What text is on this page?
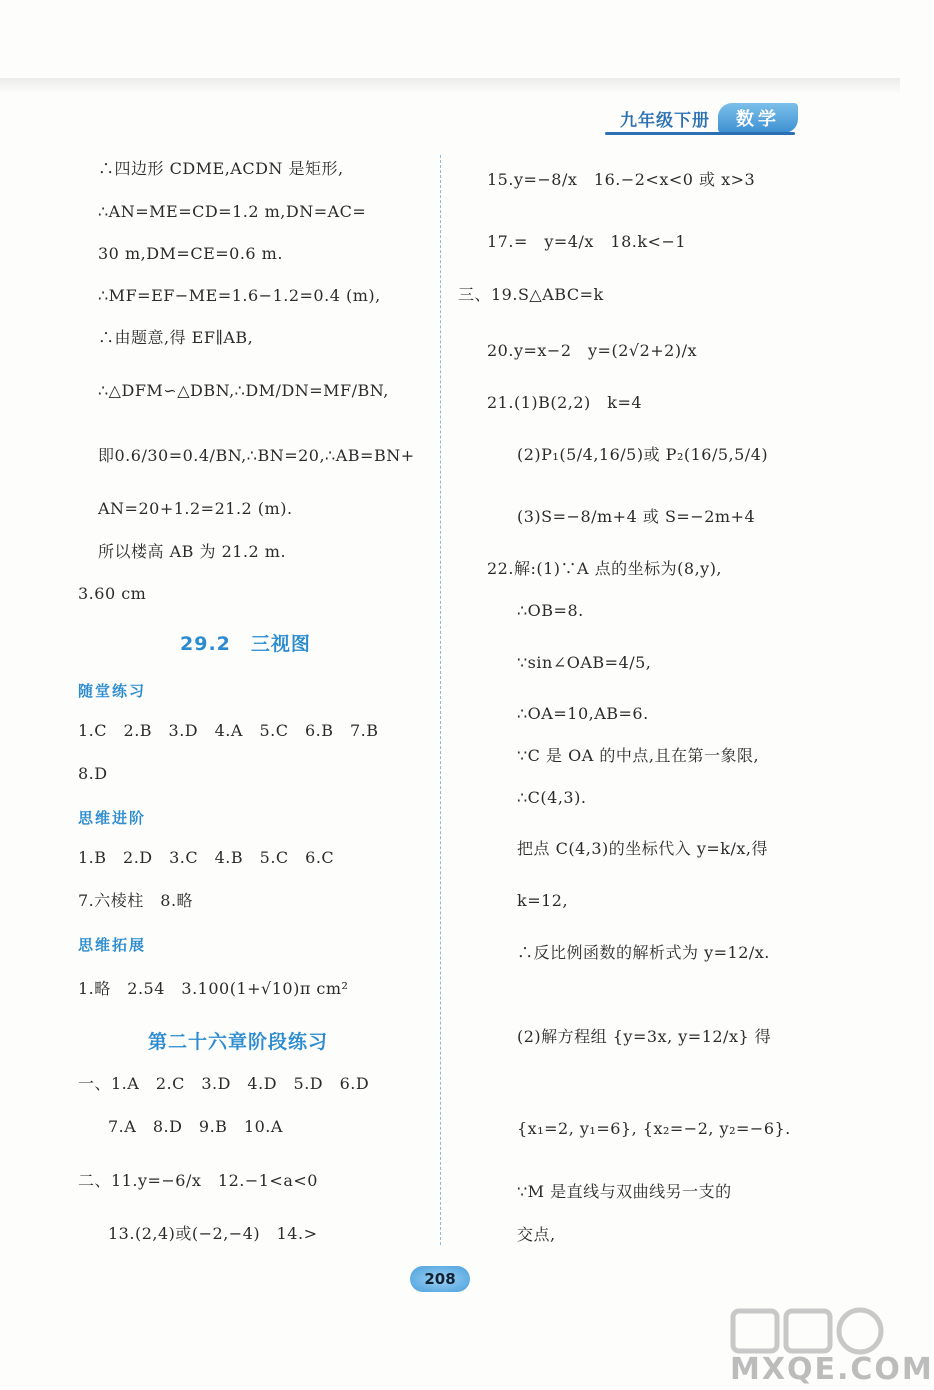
九年级下册	数学
∴四边形 CDME,ACDN 是矩形,
∴AN=ME=CD=1.2 m,DN=AC=
30 m,DM=CE=0.6 m.
∴MF=EF−ME=1.6−1.2=0.4 (m),
∴由题意,得 EF∥AB,
∴△DFM∽△DBN,∴DM/DN=MF/BN,
即0.6/30=0.4/BN,∴BN=20,∴AB=BN+
AN=20+1.2=21.2 (m).
所以楼高 AB 为 21.2 m.
3.60 cm
29.2　三视图
随堂练习
1.C　2.B　3.D　4.A　5.C　6.B　7.B
8.D
思维进阶
1.B　2.D　3.C　4.B　5.C　6.C
7.六棱柱　8.略
思维拓展
1.略　2.54　3.100(1+√10)π cm²
第二十六章阶段练习
一、1.A　2.C　3.D　4.D　5.D　6.D
7.A　8.D　9.B　10.A
二、11.y=−6/x　12.−1<a<0
13.(2,4)或(−2,−4)　14.>
15.y=−8/x　16.−2<x<0 或 x>3
17.=　y=4/x　18.k<−1
三、19.S△ABC=k
20.y=x−2　y=(2√2+2)/x
21.(1)B(2,2)　k=4
(2)P₁(5/4,16/5)或 P₂(16/5,5/4)
(3)S=−8/m+4 或 S=−2m+4
22.解:(1)∵A 点的坐标为(8,y),
∴OB=8.
∵sin∠OAB=4/5,
∴OA=10,AB=6.
∵C 是 OA 的中点,且在第一象限,
∴C(4,3).
把点 C(4,3)的坐标代入 y=k/x,得
k=12,
∴反比例函数的解析式为 y=12/x.
(2)解方程组 {y=3x, y=12/x} 得
{x₁=2, y₁=6}, {x₂=−2, y₂=−6}.
∵M 是直线与双曲线另一支的
交点,
208
MXQE.COM
